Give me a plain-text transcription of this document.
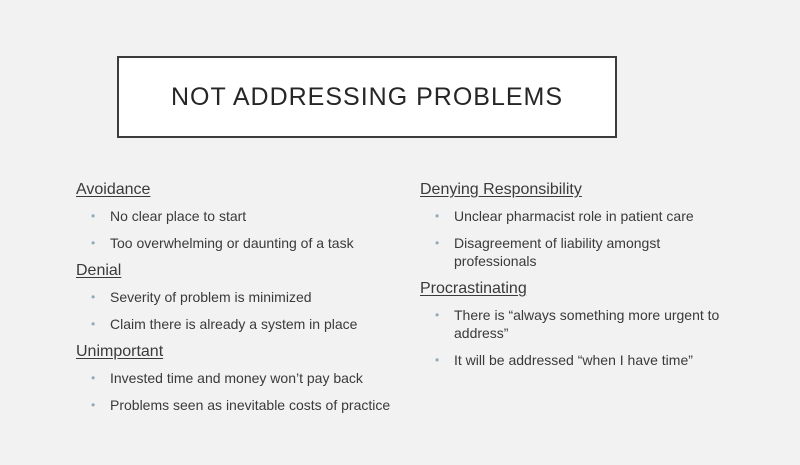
NOT ADDRESSING PROBLEMS
Avoidance
• No clear place to start
• Too overwhelming or daunting of a task
Denial
• Severity of problem is minimized
• Claim there is already a system in place
Unimportant
• Invested time and money won’t pay back
• Problems seen as inevitable costs of practice
Denying Responsibility
• Unclear pharmacist role in patient care
• Disagreement of liability amongst professionals
Procrastinating
• There is “always something more urgent to address”
• It will be addressed “when I have time”
